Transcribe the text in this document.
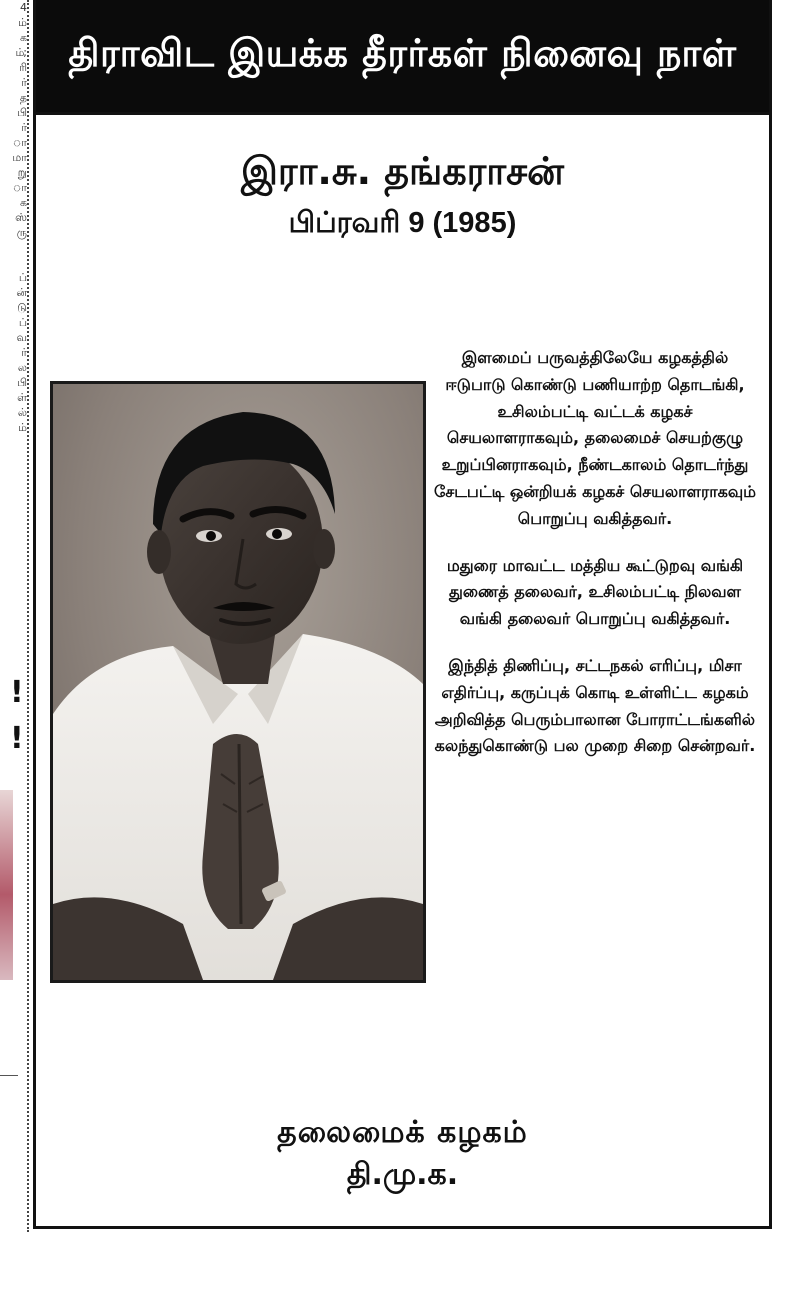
4
ம்
க
ம்;
ரி
ர்
த
பி
ர்
ா
மா
று
ா
க
ஸ்
ரு

ப்
ன்
டு
ப்
வ
ர்
ல
பி
ள்
ல்
ம்
!
!
திராவிட இயக்க தீரர்கள் நினைவு நாள்
இரா.சு. தங்கராசன்
பிப்ரவரி 9 (1985)

இளமைப் பருவத்திலேயே கழகத்தில் ஈடுபாடு கொண்டு பணியாற்ற தொடங்கி, உசிலம்பட்டி வட்டக் கழகச் செயலாளராகவும், தலைமைச் செயற்குழு உறுப்பினராகவும், நீண்டகாலம் தொடர்ந்து சேடபட்டி ஒன்றியக் கழகச் செயலாளராகவும் பொறுப்பு வகித்தவர்.

மதுரை மாவட்ட மத்திய கூட்டுறவு வங்கி துணைத் தலைவர், உசிலம்பட்டி நிலவள வங்கி தலைவர் பொறுப்பு வகித்தவர்.

இந்தித் திணிப்பு, சட்டநகல் எரிப்பு, மிசா எதிர்ப்பு, கருப்புக் கொடி உள்ளிட்ட கழகம் அறிவித்த பெரும்பாலான போராட்டங்களில் கலந்துகொண்டு பல முறை சிறை சென்றவர்.

தலைமைக் கழகம்
தி.மு.க.
